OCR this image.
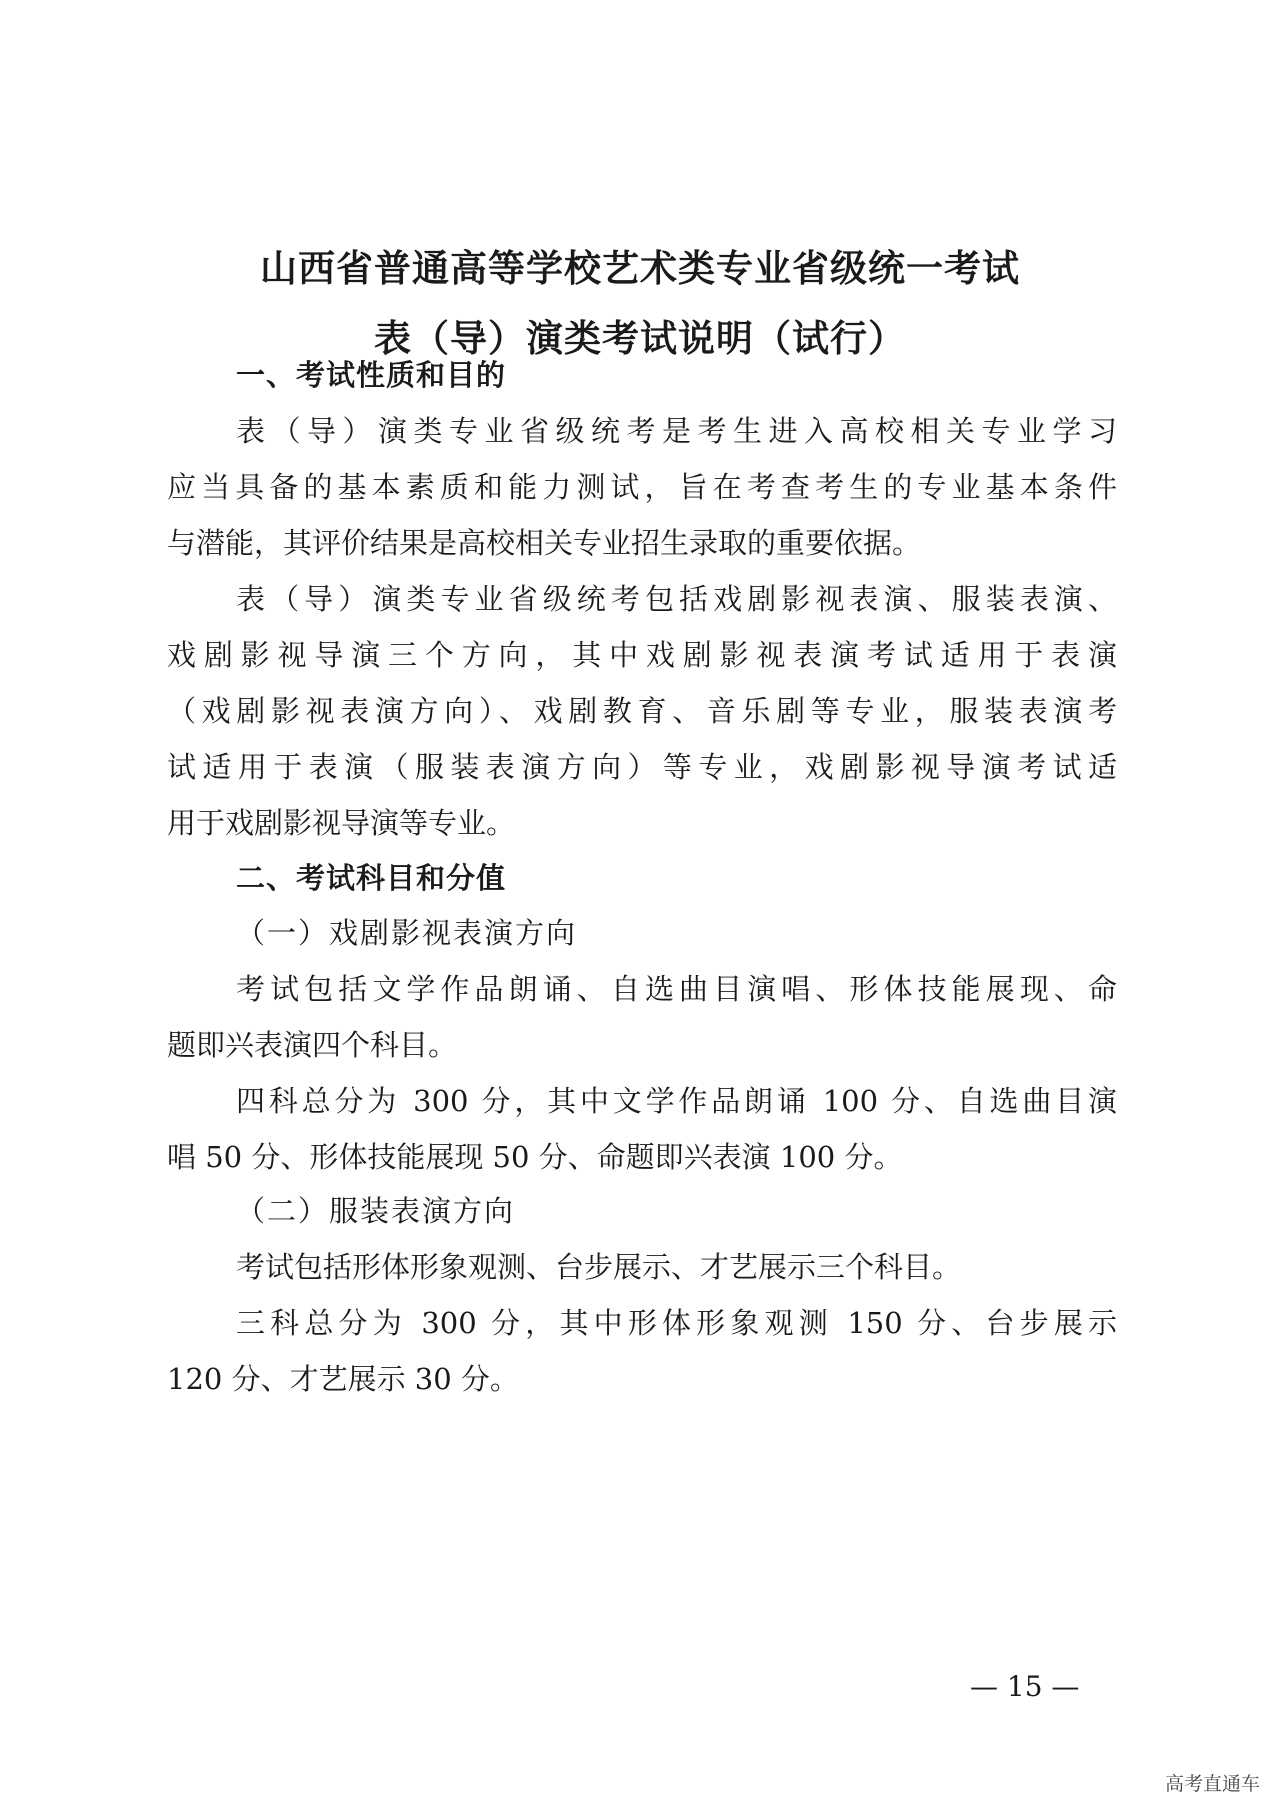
山西省普通高等学校艺术类专业省级统一考试
表（导）演类考试说明（试行）
一、考试性质和目的
表（导）演类专业省级统考是考生进入高校相关专业学习
应当具备的基本素质和能力测试，旨在考查考生的专业基本条件
与潜能，其评价结果是高校相关专业招生录取的重要依据。
表（导）演类专业省级统考包括戏剧影视表演、服装表演、
戏剧影视导演三个方向，其中戏剧影视表演考试适用于表演
（戏剧影视表演方向）、戏剧教育、音乐剧等专业，服装表演考
试适用于表演（服装表演方向）等专业，戏剧影视导演考试适
用于戏剧影视导演等专业。
二、考试科目和分值
（一）戏剧影视表演方向
考试包括文学作品朗诵、自选曲目演唱、形体技能展现、命
题即兴表演四个科目。
四科总分为 300 分，其中文学作品朗诵 100 分、自选曲目演
唱 50 分、形体技能展现 50 分、命题即兴表演 100 分。
（二）服装表演方向
考试包括形体形象观测、台步展示、才艺展示三个科目。
三科总分为 300 分，其中形体形象观测 150 分、台步展示
120 分、才艺展示 30 分。
— 15 —
高考直通车
